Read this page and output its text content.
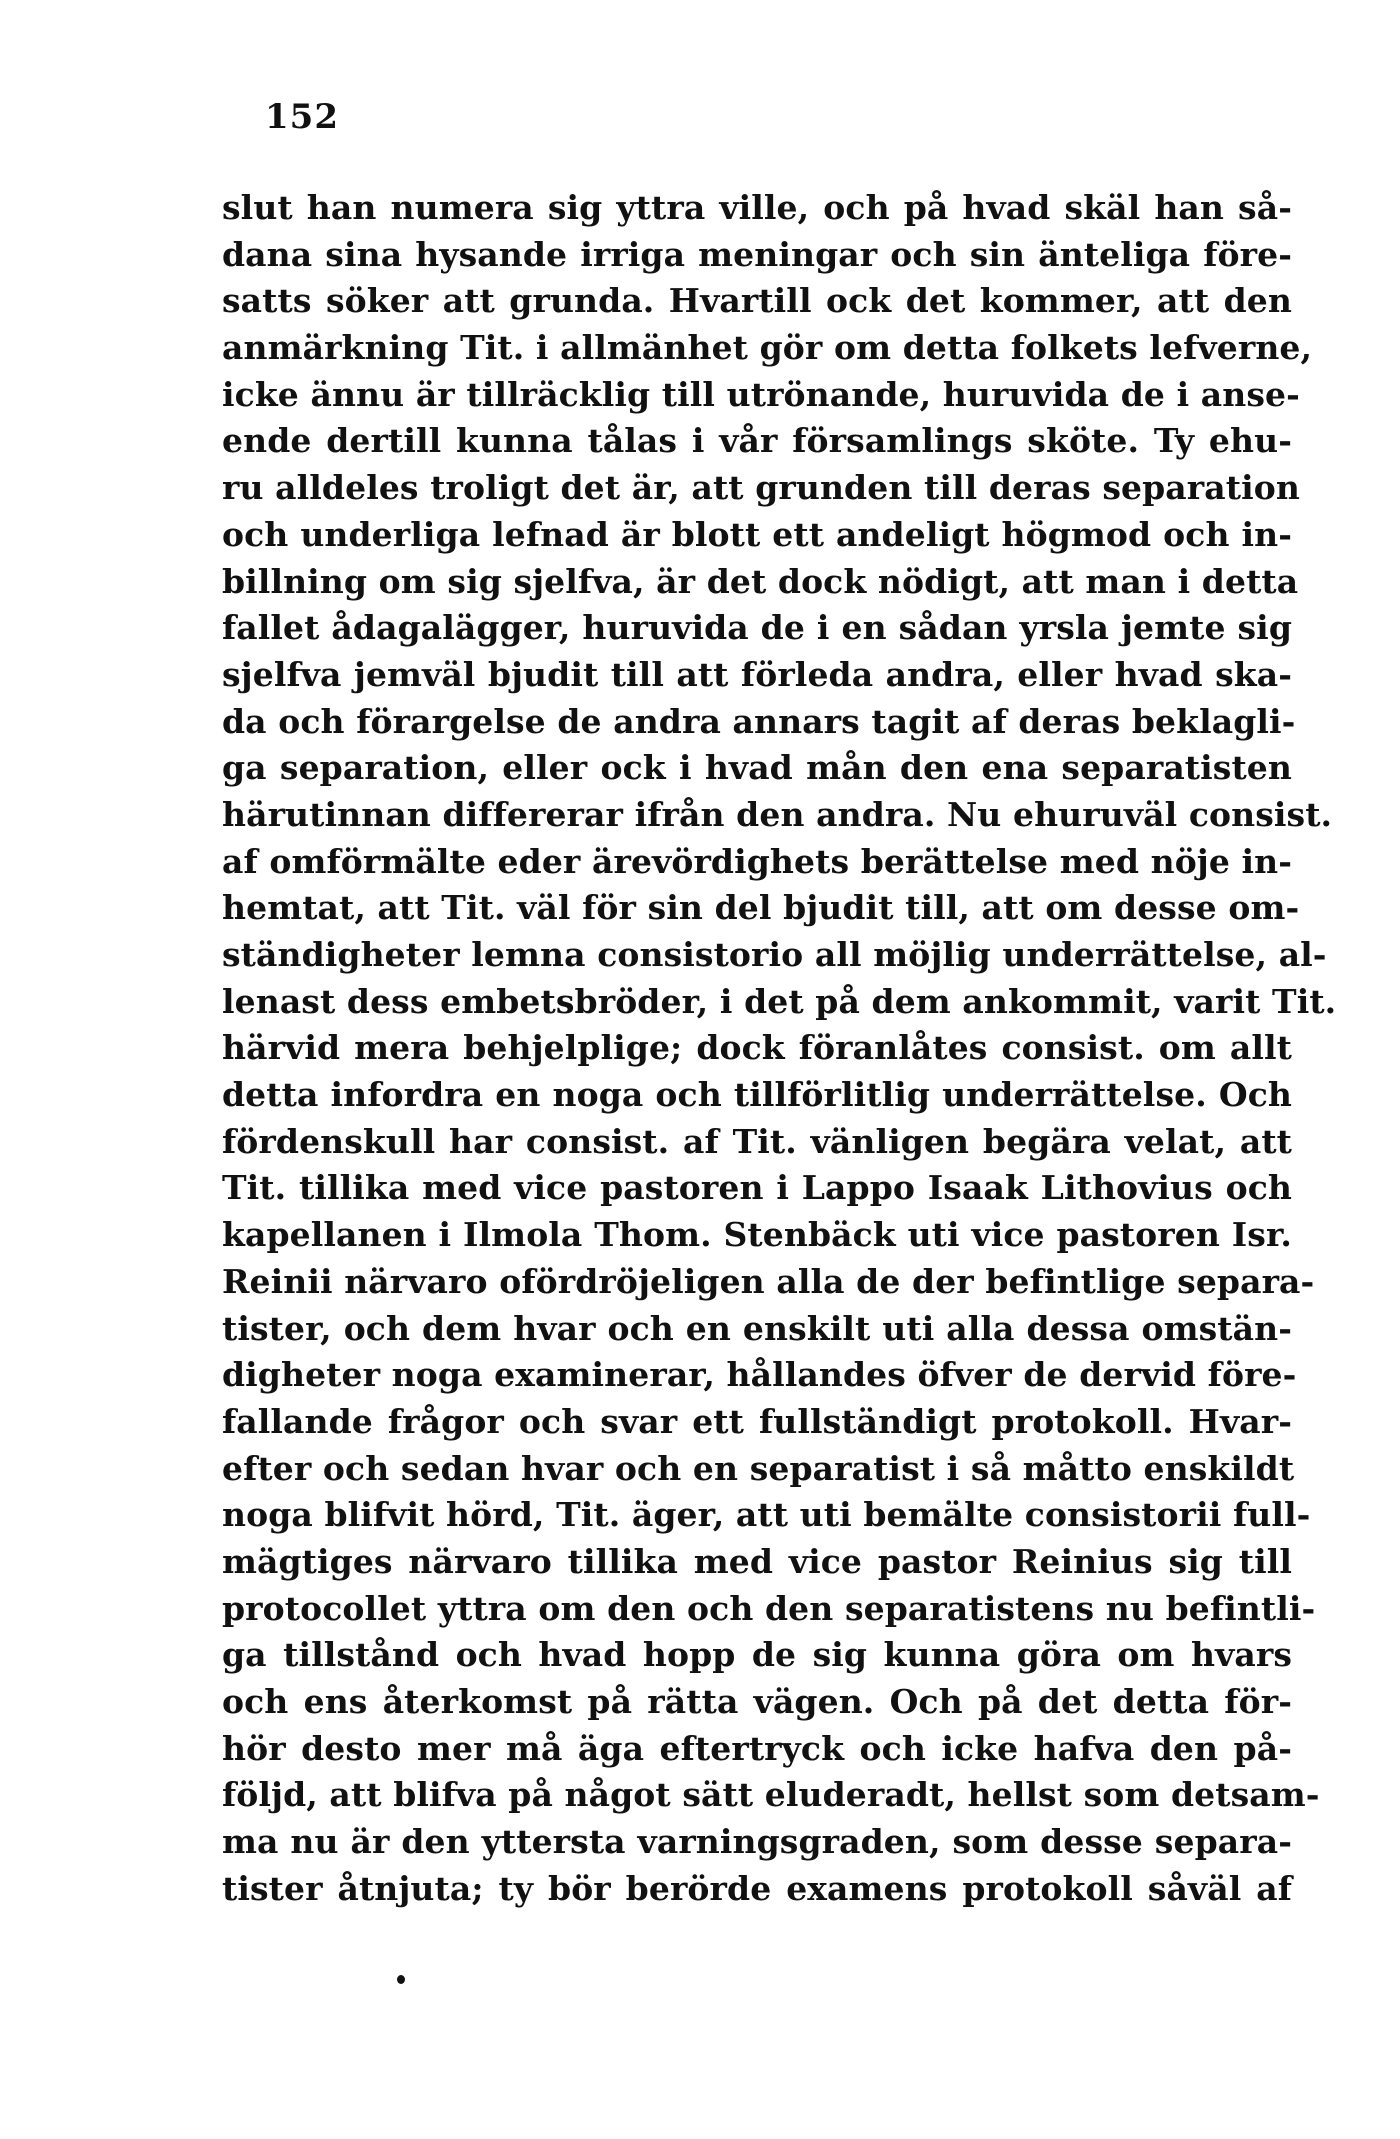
152
slut han numera sig yttra ville, och på hvad skäl han så-
dana sina hysande irriga meningar och sin änteliga före-
satts söker att grunda. Hvartill ock det kommer, att den
anmärkning Tit. i allmänhet gör om detta folkets lefverne,
icke ännu är tillräcklig till utrönande, huruvida de i anse-
ende dertill kunna tålas i vår församlings sköte. Ty ehu-
ru alldeles troligt det är, att grunden till deras separation
och underliga lefnad är blott ett andeligt högmod och in-
billning om sig sjelfva, är det dock nödigt, att man i detta
fallet ådagalägger, huruvida de i en sådan yrsla jemte sig
sjelfva jemväl bjudit till att förleda andra, eller hvad ska-
da och förargelse de andra annars tagit af deras beklagli-
ga separation, eller ock i hvad mån den ena separatisten
härutinnan differerar ifrån den andra. Nu ehuruväl consist.
af omförmälte eder ärevördighets berättelse med nöje in-
hemtat, att Tit. väl för sin del bjudit till, att om desse om-
ständigheter lemna consistorio all möjlig underrättelse, al-
lenast dess embetsbröder, i det på dem ankommit, varit Tit.
härvid mera behjelplige; dock föranlåtes consist. om allt
detta infordra en noga och tillförlitlig underrättelse. Och
fördenskull har consist. af Tit. vänligen begära velat, att
Tit. tillika med vice pastoren i Lappo Isaak Lithovius och
kapellanen i Ilmola Thom. Stenbäck uti vice pastoren Isr.
Reinii närvaro ofördröjeligen alla de der befintlige separa-
tister, och dem hvar och en enskilt uti alla dessa omstän-
digheter noga examinerar, hållandes öfver de dervid före-
fallande frågor och svar ett fullständigt protokoll. Hvar-
efter och sedan hvar och en separatist i så måtto enskildt
noga blifvit hörd, Tit. äger, att uti bemälte consistorii full-
mägtiges närvaro tillika med vice pastor Reinius sig till
protocollet yttra om den och den separatistens nu befintli-
ga tillstånd och hvad hopp de sig kunna göra om hvars
och ens återkomst på rätta vägen. Och på det detta för-
hör desto mer må äga eftertryck och icke hafva den på-
följd, att blifva på något sätt eluderadt, hellst som detsam-
ma nu är den yttersta varningsgraden, som desse separa-
tister åtnjuta; ty bör berörde examens protokoll såväl af
